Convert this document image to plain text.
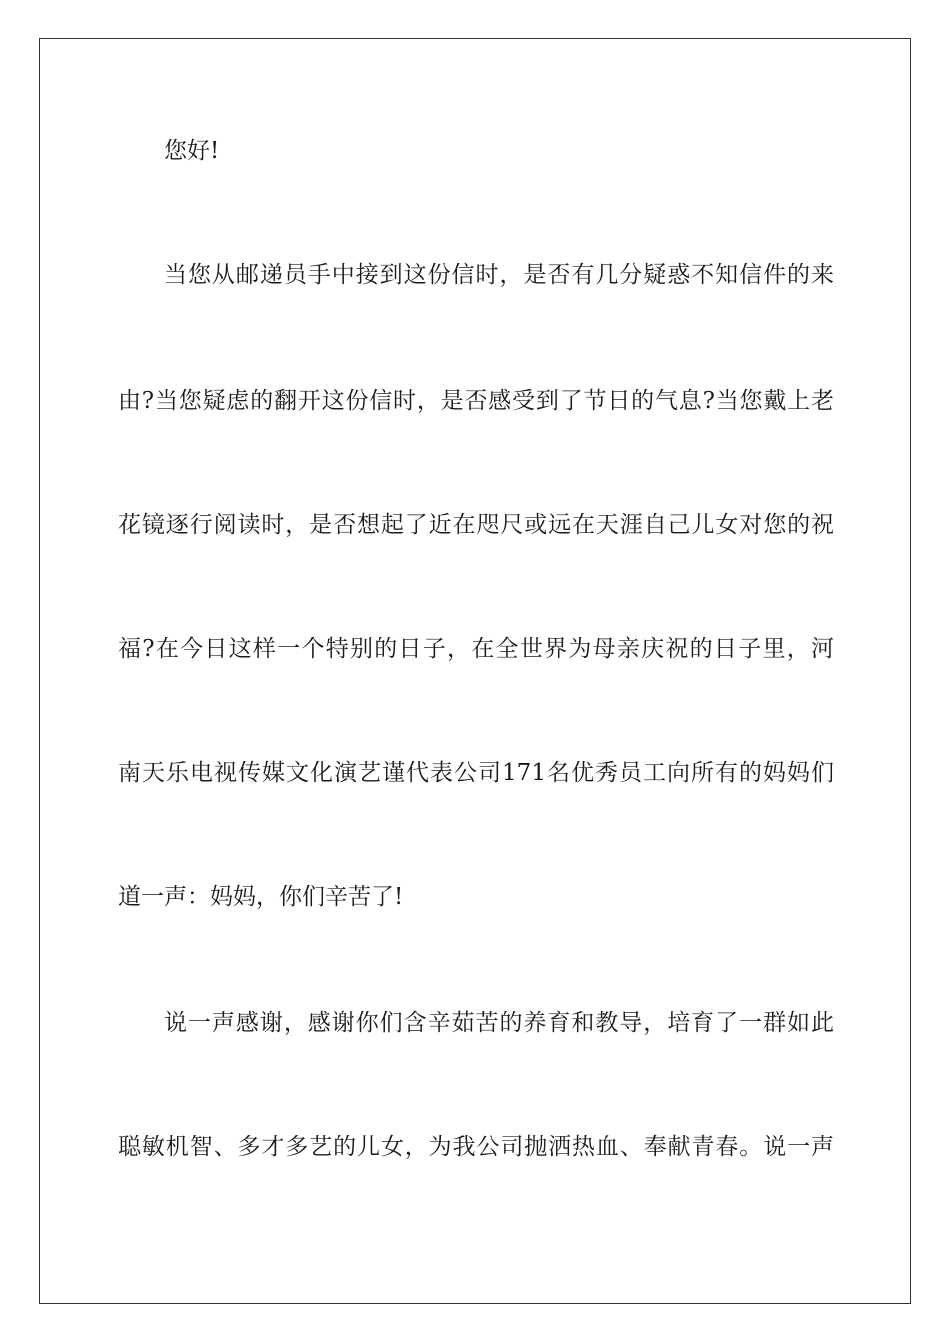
您好!
当您从邮递员手中接到这份信时，是否有几分疑惑不知信件的来
由?当您疑虑的翻开这份信时，是否感受到了节日的气息?当您戴上老
花镜逐行阅读时，是否想起了近在咫尺或远在天涯自己儿女对您的祝
福?在今日这样一个特别的日子，在全世界为母亲庆祝的日子里，河
南天乐电视传媒文化演艺谨代表公司171名优秀员工向所有的妈妈们
道一声：妈妈，你们辛苦了!
说一声感谢，感谢你们含辛茹苦的养育和教导，培育了一群如此
聪敏机智、多才多艺的儿女，为我公司抛洒热血、奉献青春。说一声
